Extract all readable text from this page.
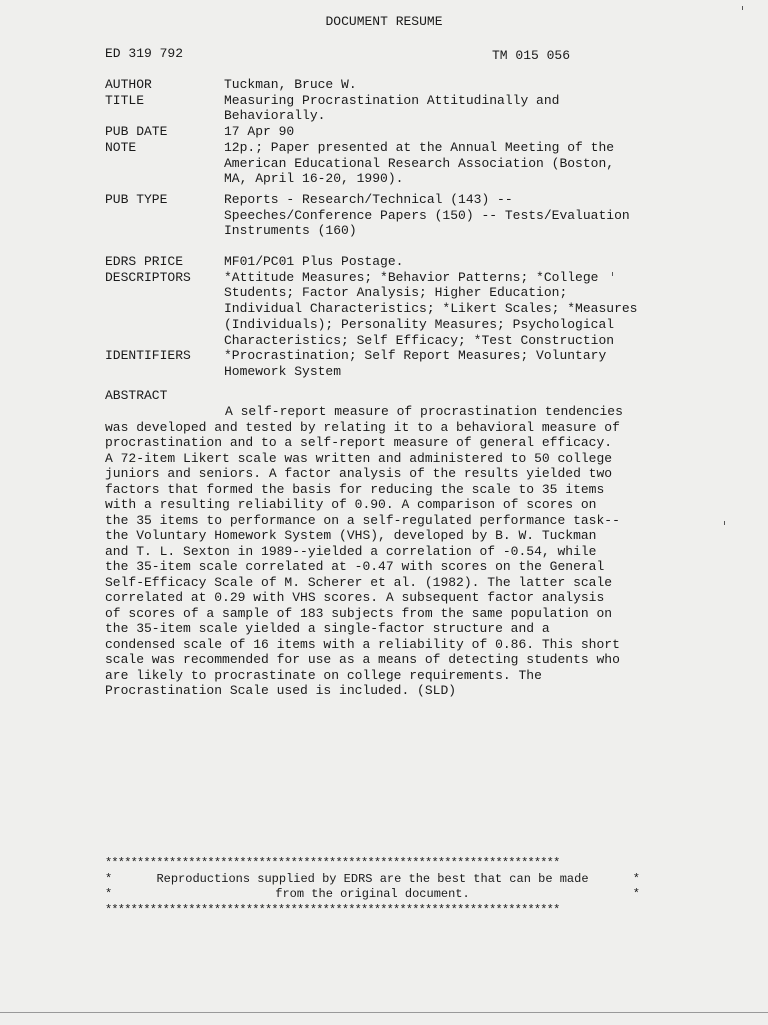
DOCUMENT RESUME
ED 319 792	TM 015 056
AUTHOR	Tuckman, Bruce W.
TITLE	Measuring Procrastination Attitudinally and
Behaviorally.
PUB DATE	17 Apr 90
NOTE	12p.; Paper presented at the Annual Meeting of the
American Educational Research Association (Boston,
MA, April 16-20, 1990).
PUB TYPE	Reports - Research/Technical (143) --
Speeches/Conference Papers (150) -- Tests/Evaluation
Instruments (160)
EDRS PRICE	MF01/PC01 Plus Postage.
DESCRIPTORS	*Attitude Measures; *Behavior Patterns; *College
Students; Factor Analysis; Higher Education;
Individual Characteristics; *Likert Scales; *Measures
(Individuals); Personality Measures; Psychological
Characteristics; Self Efficacy; *Test Construction
IDENTIFIERS	*Procrastination; Self Report Measures; Voluntary
Homework System
ABSTRACT
A self-report measure of procrastination tendencies was developed and tested by relating it to a behavioral measure of procrastination and to a self-report measure of general efficacy. A 72-item Likert scale was written and administered to 50 college juniors and seniors. A factor analysis of the results yielded two factors that formed the basis for reducing the scale to 35 items with a resulting reliability of 0.90. A comparison of scores on the 35 items to performance on a self-regulated performance task--the Voluntary Homework System (VHS), developed by B. W. Tuckman and T. L. Sexton in 1989--yielded a correlation of -0.54, while the 35-item scale correlated at -0.47 with scores on the General Self-Efficacy Scale of M. Scherer et al. (1982). The latter scale correlated at 0.29 with VHS scores. A subsequent factor analysis of scores of a sample of 183 subjects from the same population on the 35-item scale yielded a single-factor structure and a condensed scale of 16 items with a reliability of 0.86. This short scale was recommended for use as a means of detecting students who are likely to procrastinate on college requirements. The Procrastination Scale used is included. (SLD)
***********************************************************************
*	Reproductions supplied by EDRS are the best that can be made	*
*	from the original document.	*
***********************************************************************
